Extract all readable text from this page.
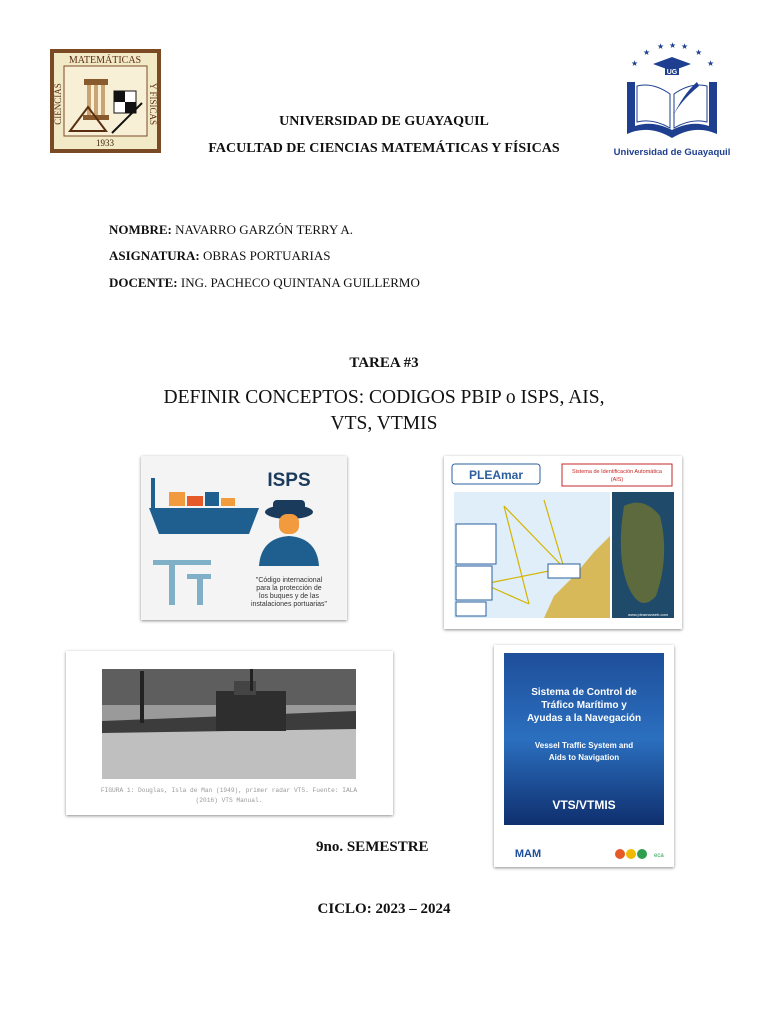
MATEMÁTICAS
CIENCIAS	Y FÍSICAS
1933
★
★
★ ★ ★
★
★
UG
Universidad de Guayaquil
UNIVERSIDAD DE GUAYAQUIL
FACULTAD DE CIENCIAS MATEMÁTICAS Y FÍSICAS
NOMBRE: NAVARRO GARZÓN TERRY A.
ASIGNATURA: OBRAS PORTUARIAS
DOCENTE: ING. PACHECO QUINTANA GUILLERMO
TAREA #3
DEFINIR CONCEPTOS: CODIGOS PBIP o ISPS, AIS,
VTS, VTMIS
ISPS
"Código internacional
para la protección de
los buques y de las
instalaciones portuarias"
PLEAmar	Sistema de Identificación Automática
(AIS)
www.pleamarweb.com
FIGURA 1: Douglas, Isla de Man (1949), primer radar VTS. Fuente: IALA
(2016) VTS Manual.
Sistema de Control de
Tráfico Marítimo y
Ayudas a la Navegación
Vessel Traffic System and
Aids to Navigation
VTS/VTMIS
MAM	eca
9no. SEMESTRE
CICLO: 2023 – 2024
